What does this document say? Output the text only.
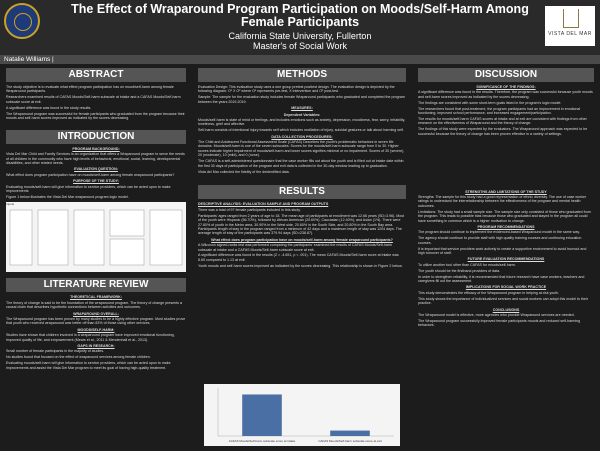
The Effect of Wraparound Program Participation on Moods/Self-Harm Among Female Participants
California State University, Fullerton
Master's of Social Work
VISTA DEL MAR
Natalie Williams |
ABSTRACT

The study objective is to evaluate what effect program participation has on mood/self-harm among female Wraparound participants.

Researchers examined results of CAFAS Moods/Self-harm subscale at intake and a CAFAS Moods/Self-harm subscale score at exit.

A significant difference was found in the study results.

The Wraparound program was successful for female participants who graduated from the program because their moods and self-harm scores improved as indicated by the scores decreasing.

INTRODUCTION
PROGRAM BACKGROUND:

Vista Del Mar Child and Family Services is an organization that offers a Wraparound program to serve the needs of all children in the community who have high levels of behavioral, emotional, social, learning, developmental disabilities, and other related needs.

EVALUATION QUESTION:

What effect does program participation have on moods/self-harm among female wraparound participants?

PURPOSE OF THE STUDY:

Evaluating moods/self-harm will give information to service providers, which can be acted upon to make improvements

Figure 1 below illustrates the Vista Del Mar wraparound program logic model.

Inputs
LITERATURE REVIEW
THEORETICAL FRAMEWORK:

The theory of change is said to be the foundation of the wraparound program. The theory of change presents a causal chain that describes hypothetic connections between activities and outcomes.

WRAPAROUND OVERALL:

The Wraparound program has been proven by many studies to be a highly effective program. Most studies prove that youth who received wraparound was better off than 83% of those using other services.

MOODS/SELF-HARM:

Studies have shown that children involved in a wraparound program have improved emotional functioning, improved quality of life, and empowerment (Mears et al., 2011 & Mendenhall et al., 2013).

GAPS IN RESEARCH:

Small number of female participants in the majority of studies.

No studies found that focused on the effect of wraparound services among female children.

Evaluating moods/self-harm will give information to service providers, which can be acted upon to make improvements and assist the Vista Del Mar program to meet its goal of having high-quality treatment.

METHODS

Evaluation Design: This evaluation study uses a one group pretest posttest design. The evaluation design is depicted by the following diagram: O¹ X O² where O¹ represents pre-test, X intervention and O² post-test.

Sample: The sample for the evaluation study includes female Wraparound participants who graduated and completed the program between the years 2019-2019.

MEASURES:
Dependent Variables:

Moods/self-harm is state of mind or feelings, and includes emotions such as anxiety, depression, moodiness, fear, worry, irritability, loneliness, grief and affective.

Self-harm consists of intentional injury towards self which includes mutilation of injury, suicidal gestures or talk about harming self.

DATA COLLECTION PROCEDURES:

The Child and Adolescent Functional Assessment Scale (CAFAS) Describes the youth's problematic behaviors in seven life domains. Moods/self-harm is one of the seven subscales. Scores for the moods/self-harm subscale range from 0 to 30. Higher scores indicate higher impairment of moods/self-harm and lower scores signifies minimal or no impairment. Scores of 30 (severe), 20 (moderate), 10 (mild), and 0 (none).

The CAFAS is a self-administered questionnaire that the case worker fills out about the youth and is filled out at intake date within the first 30 days of participation of the program and exit data is collected in the 30-day window leading up to graduation.

Vista del Mar collected the fidelity of the deidentified data.

RESULTS
DESCRIPTIVE ANALYSIS: EVALUATION SAMPLE AND PROGRAM OUTPUTS

There was a total of 97 female participants included in this study.

Participants' ages ranged from 2 years of age to 18. The mean age of participants at enrollment was 12.66 years (SD=3.96). Most of the youth were Hispanic (56.70%), followed by African American (20.60%), Caucasian (12.40%), and Asian (1%). There were 27.80% of youth in the Metro area, 30.90% in the West side, 20.60% in the South Side, and 20.60% in the South Bay area. Participants length of stay in the program ranged from a minimum of 42 days and a maximum length of stay was 1204 days. The average length of stay of the participants was 379.94 days (SD=238.87).

What effect does program participation have on moods/self-harm among female wraparound participants?

A Wilcoxon signed-ranks test was performed comparing the participants' examined the results of CAFAS Moods/Self-harm subscale at intake and a CAFAS Moods/Self-harm subscale score at exit.

A significant difference was found in the results (Z = -4.651, p < .001). The mean CAFAS Moods/Self-harm score at intake was 8.65 compared to 1.13 at exit.

Youth moods and self-harm scores improved as indicated by the scores decreasing. This relationship is shown in Figure 2 below.

CAFAS Moods/Self-harm subscale score at intake	CAFAS Moods/Self-harm subscale score at exit
DISCUSSION
SIGNIFICANCE OF THE FINDINGS:

A significant difference was found in the results. Therefore, the program was successful because youth moods and self-harm scores improved as indicated by the scores decreasing.

The findings are consistent with some short-term goals listed in the program's logic model.

The researchers found that post-treatment, the program participants had an improvement in emotional functioning, improved school performance, and increased engagement/participation.

The results for moods/self-harm CAFAS scores at intake and at exit are consistent with findings from other research on the effectiveness of Wraparound and the theory of change.

The findings of this study were expected by the evaluators. The Wraparound approach was expected to be successful because the theory of change has been proven effective in a variety of settings.

STRENGTHS AND LIMITATIONS OF THE STUDY

Strengths: The sample for this study had a good representation of ethnic diversity. The use of case worker ratings to understand the interrelationship between the effectiveness of the program and mental health outcomes.

Limitations: The study had a small sample size. The sample size only consisted of those who graduated from the program. This leads to possible bias because those who graduated and stayed in the program all could have something in common which is a higher motivation to change.

PROGRAM RECOMMENDATIONS

The program should continue to implement the evidenced-based Wraparound model in the same way.

The agency should continue to provide staff with high quality training courses and continuing education courses.

It is important that service providers work actively to create a supportive environment to avoid burnout and high turnover of staff.

FUTURE EVALUATION RECOMMENDATIONS

To utilize another tool other than CAFAS for moods/self-harm.

The youth should be the firsthand providers of data.

In order to strengthen reliability, it is recommended that future research have case workers, teachers and caregivers fill out the assessment.

IMPLICATIONS FOR SOCIAL WORK PRACTICE

This study demonstrates the efficacy of the Wraparound program in helping at-risk youth.

This study shows the importance of individualized services and social workers can adopt this model to their practice.

CONCLUSIONS

The Wraparound model is effective, more agencies who provide Wraparound services are needed.

The Wraparound program successfully improved female participants moods and reduced self-harming behaviors.
